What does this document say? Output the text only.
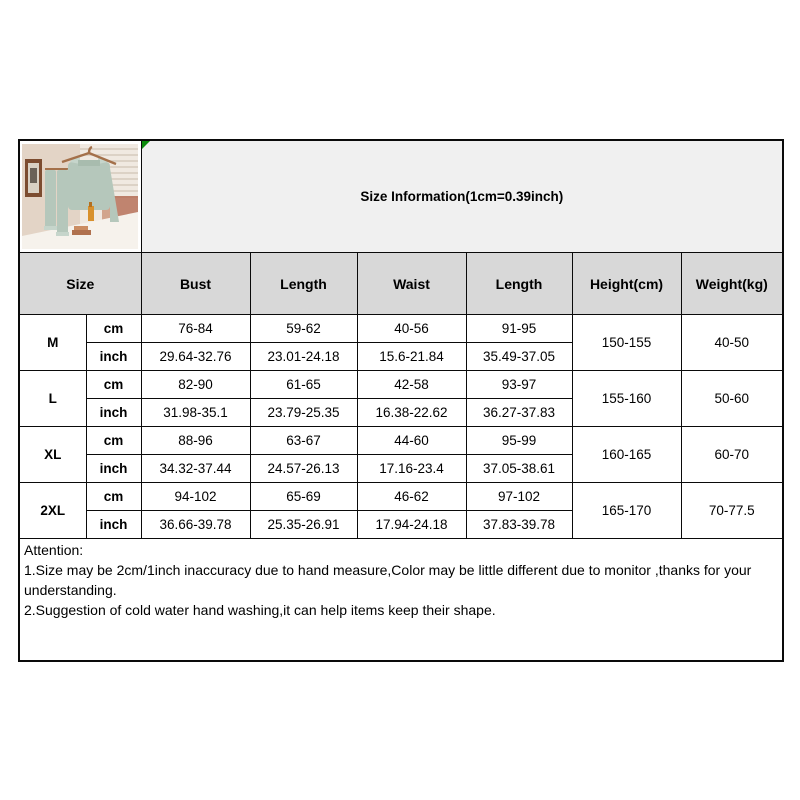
Size Information(1cm=0.39inch)					
Size		Bust	Length	Waist	Length	Height(cm)	Weight(kg)
M	cm	76-84	59-62	40-56	91-95	150-155	40-50
	inch	29.64-32.76	23.01-24.18	15.6-21.84	35.49-37.05		
L	cm	82-90	61-65	42-58	93-97	155-160	50-60
	inch	31.98-35.1	23.79-25.35	16.38-22.62	36.27-37.83		
XL	cm	88-96	63-67	44-60	95-99	160-165	60-70
	inch	34.32-37.44	24.57-26.13	17.16-23.4	37.05-38.61		
2XL	cm	94-102	65-69	46-62	97-102	165-170	70-77.5
	inch	36.66-39.78	25.35-26.91	17.94-24.18	37.83-39.78		

Attention:
1.Size may be 2cm/1inch inaccuracy due to hand measure,Color may be little different due to monitor ,thanks for your understanding.
2.Suggestion of cold water hand washing,it can help items keep their shape.							
